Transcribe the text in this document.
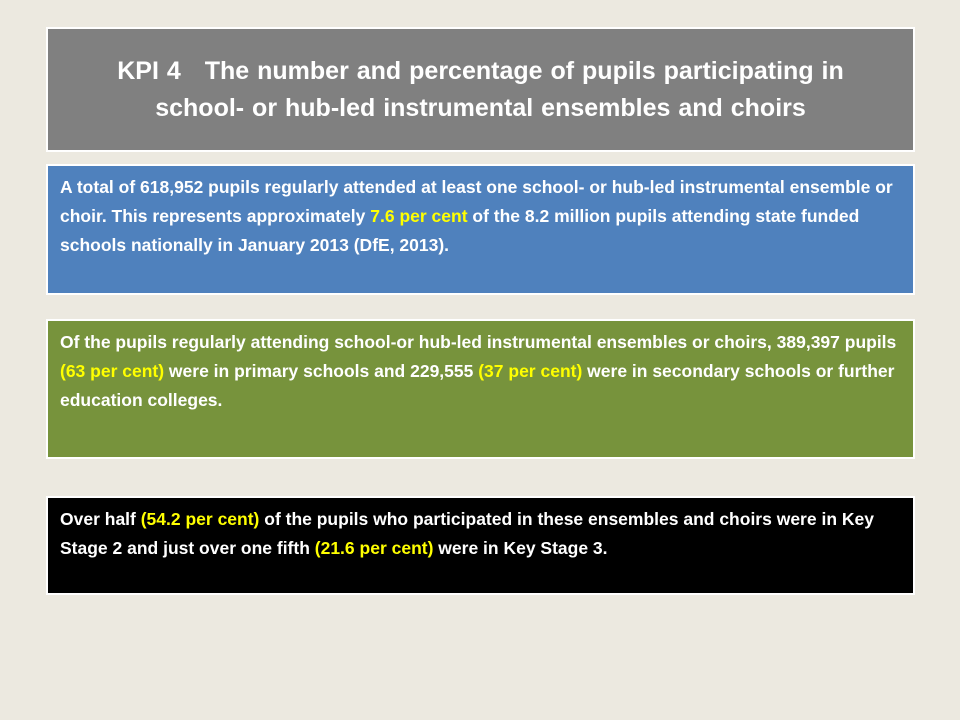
KPI 4 The number and percentage of pupils participating in school- or hub-led instrumental ensembles and choirs
A total of 618,952 pupils regularly attended at least one school- or hub-led instrumental ensemble or choir. This represents approximately 7.6 per cent of the 8.2 million pupils attending state funded schools nationally in January 2013 (DfE, 2013).
Of the pupils regularly attending school-or hub-led instrumental ensembles or choirs, 389,397 pupils (63 per cent) were in primary schools and 229,555 (37 per cent) were in secondary schools or further education colleges.
Over half (54.2 per cent) of the pupils who participated in these ensembles and choirs were in Key Stage 2 and just over one fifth (21.6 per cent) were in Key Stage 3.
